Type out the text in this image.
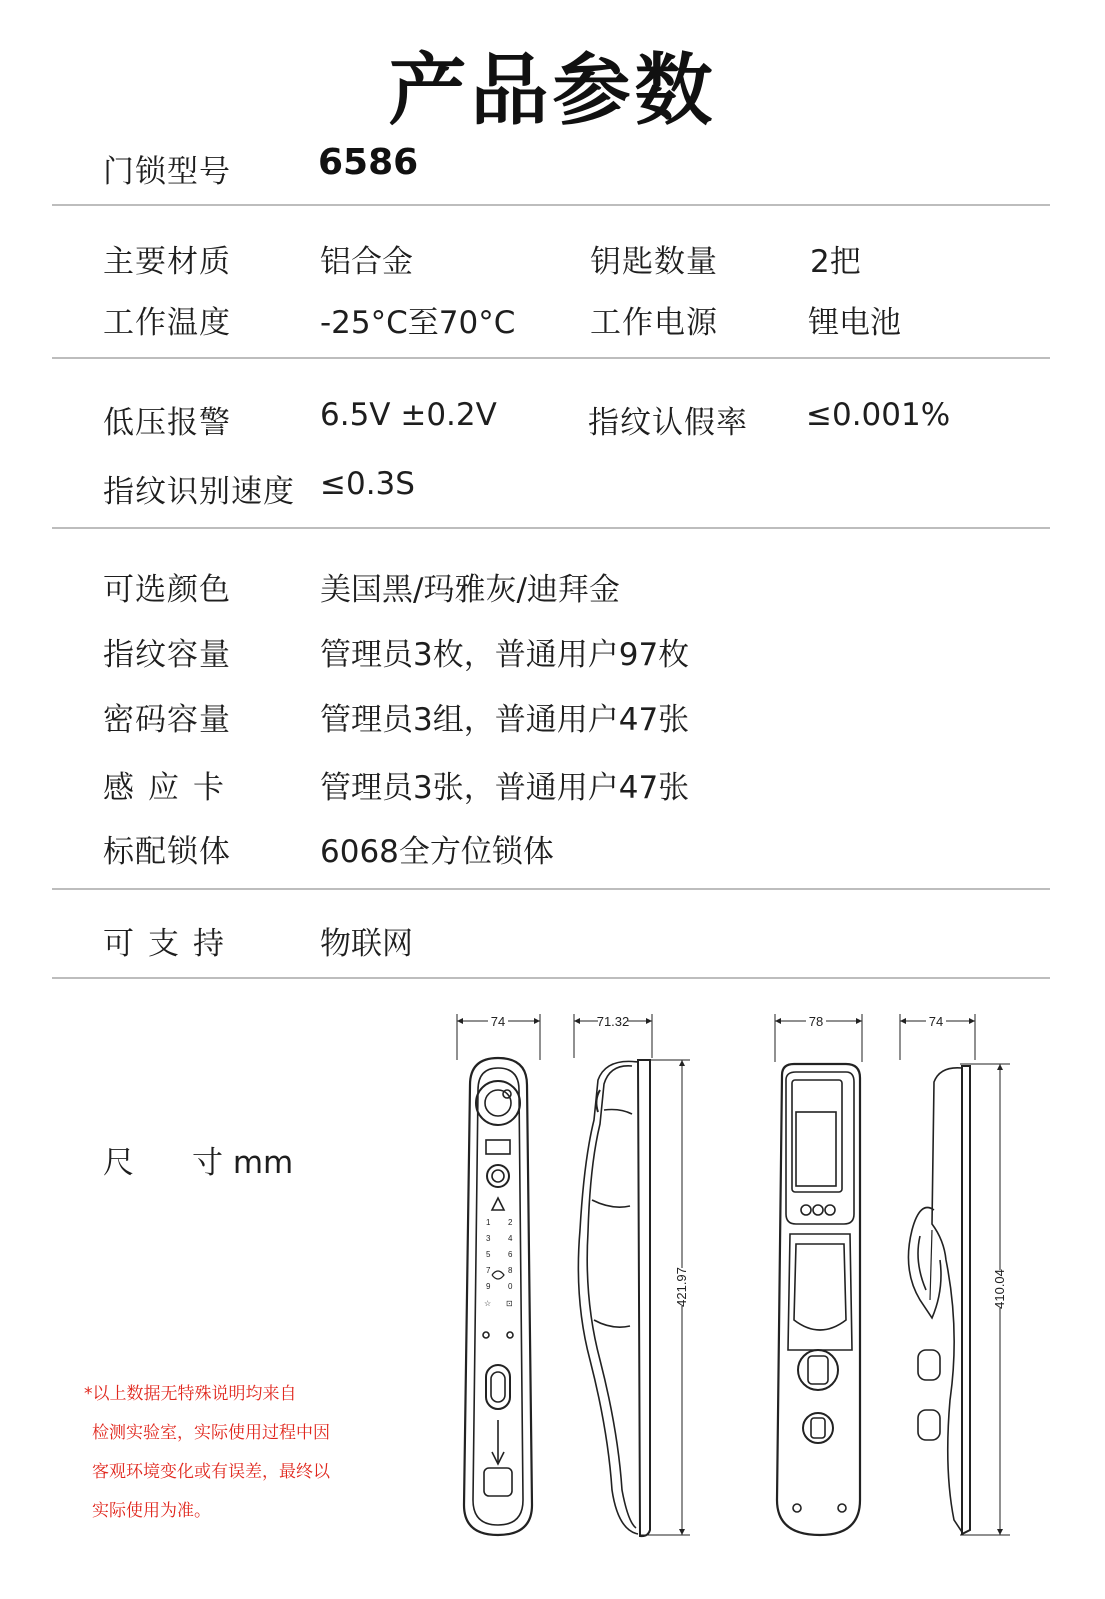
产品参数
门锁型号 6586
主要材质	铝合金	钥匙数量	2把
工作温度	-25°C至70°C 工作电源	锂电池
低压报警	6.5V ±0.2V	指纹认假率 ≤0.001%
指纹识别速度 ≤0.3S
可选颜色	美国黑/玛雅灰/迪拜金
指纹容量	管理员3枚，普通用户97枚
密码容量	管理员3组，普通用户47张
感应卡	管理员3张，普通用户47张
标配锁体	6068全方位锁体
可支持	物联网
尺 寸 mm
*以上数据无特殊说明均来自
检测实验室，实际使用过程中因
客观环境变化或有误差，最终以
实际使用为准。
74
1 2
3 4
5 6
7 8
9 0
☆ ⊡
71.32
421.97
78	74
410.04
